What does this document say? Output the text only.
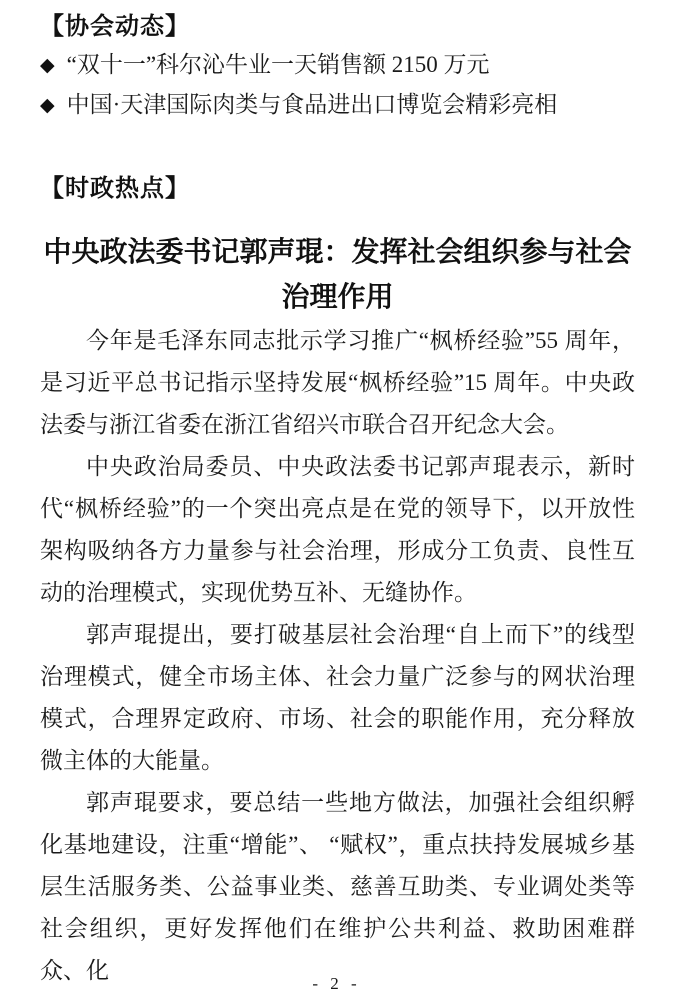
【协会动态】
◆ “双十一”科尔沁牛业一天销售额 2150 万元
◆ 中国·天津国际肉类与食品进出口博览会精彩亮相
【时政热点】
中央政法委书记郭声琨：发挥社会组织参与社会治理作用

今年是毛泽东同志批示学习推广“枫桥经验”55 周年，是习近平总书记指示坚持发展“枫桥经验”15 周年。中央政法委与浙江省委在浙江省绍兴市联合召开纪念大会。

中央政治局委员、中央政法委书记郭声琨表示，新时代“枫桥经验”的一个突出亮点是在党的领导下，以开放性架构吸纳各方力量参与社会治理，形成分工负责、良性互动的治理模式，实现优势互补、无缝协作。

郭声琨提出，要打破基层社会治理“自上而下”的线型治理模式，健全市场主体、社会力量广泛参与的网状治理模式，合理界定政府、市场、社会的职能作用，充分释放微主体的大能量。

郭声琨要求，要总结一些地方做法，加强社会组织孵化基地建设，注重“增能”、 “赋权”，重点扶持发展城乡基层生活服务类、公益事业类、慈善互助类、专业调处类等社会组织，更好发挥他们在维护公共利益、救助困难群众、化

- 2 -
